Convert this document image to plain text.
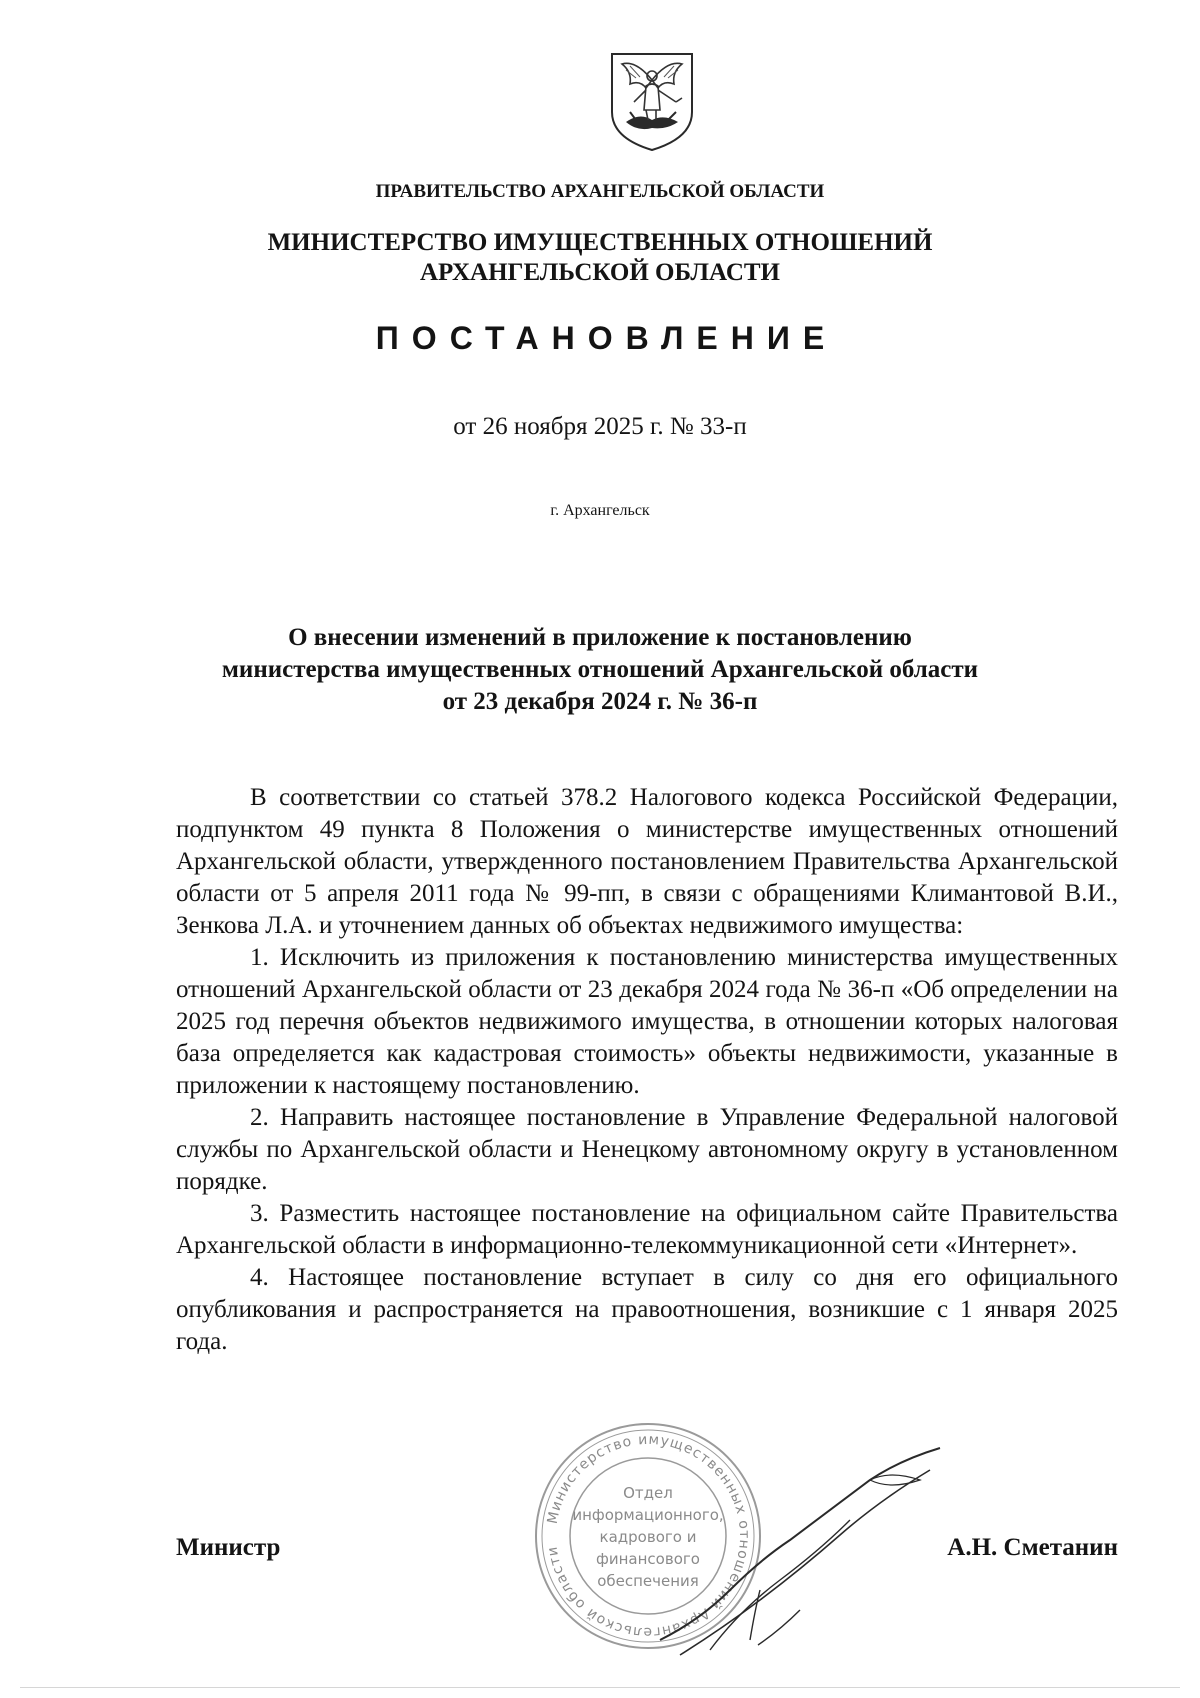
ПРАВИТЕЛЬСТВО АРХАНГЕЛЬСКОЙ ОБЛАСТИ
МИНИСТЕРСТВО ИМУЩЕСТВЕННЫХ ОТНОШЕНИЙ
АРХАНГЕЛЬСКОЙ ОБЛАСТИ
ПОСТАНОВЛЕНИЕ
от 26 ноября 2025 г. № 33-п
г. Архангельск
О внесении изменений в приложение к постановлению
министерства имущественных отношений Архангельской области
от 23 декабря 2024 г. № 36-п

В соответствии со статьей 378.2 Налогового кодекса Российской Федерации, подпунктом 49 пункта 8 Положения о министерстве имущественных отношений Архангельской области, утвержденного постановлением Правительства Архангельской области от 5 апреля 2011 года № 99-пп, в связи с обращениями Климантовой В.И., Зенкова Л.А. и уточнением данных об объектах недвижимого имущества:

1. Исключить из приложения к постановлению министерства имущественных отношений Архангельской области от 23 декабря 2024 года № 36-п «Об определении на 2025 год перечня объектов недвижимого имущества, в отношении которых налоговая база определяется как кадастровая стоимость» объекты недвижимости, указанные в приложении к настоящему постановлению.

2. Направить настоящее постановление в Управление Федеральной налоговой службы по Архангельской области и Ненецкому автономному округу в установленном порядке.

3. Разместить настоящее постановление на официальном сайте Правительства Архангельской области в информационно-телекоммуникационной сети «Интернет».

4. Настоящее постановление вступает в силу со дня его официального опубликования и распространяется на правоотношения, возникшие с 1 января 2025 года.

Министерство имущественных отношений Архангельской области
Отдел
информационного,
кадрового и
финансового
обеспечения
Министр	А.Н. Сметанин
